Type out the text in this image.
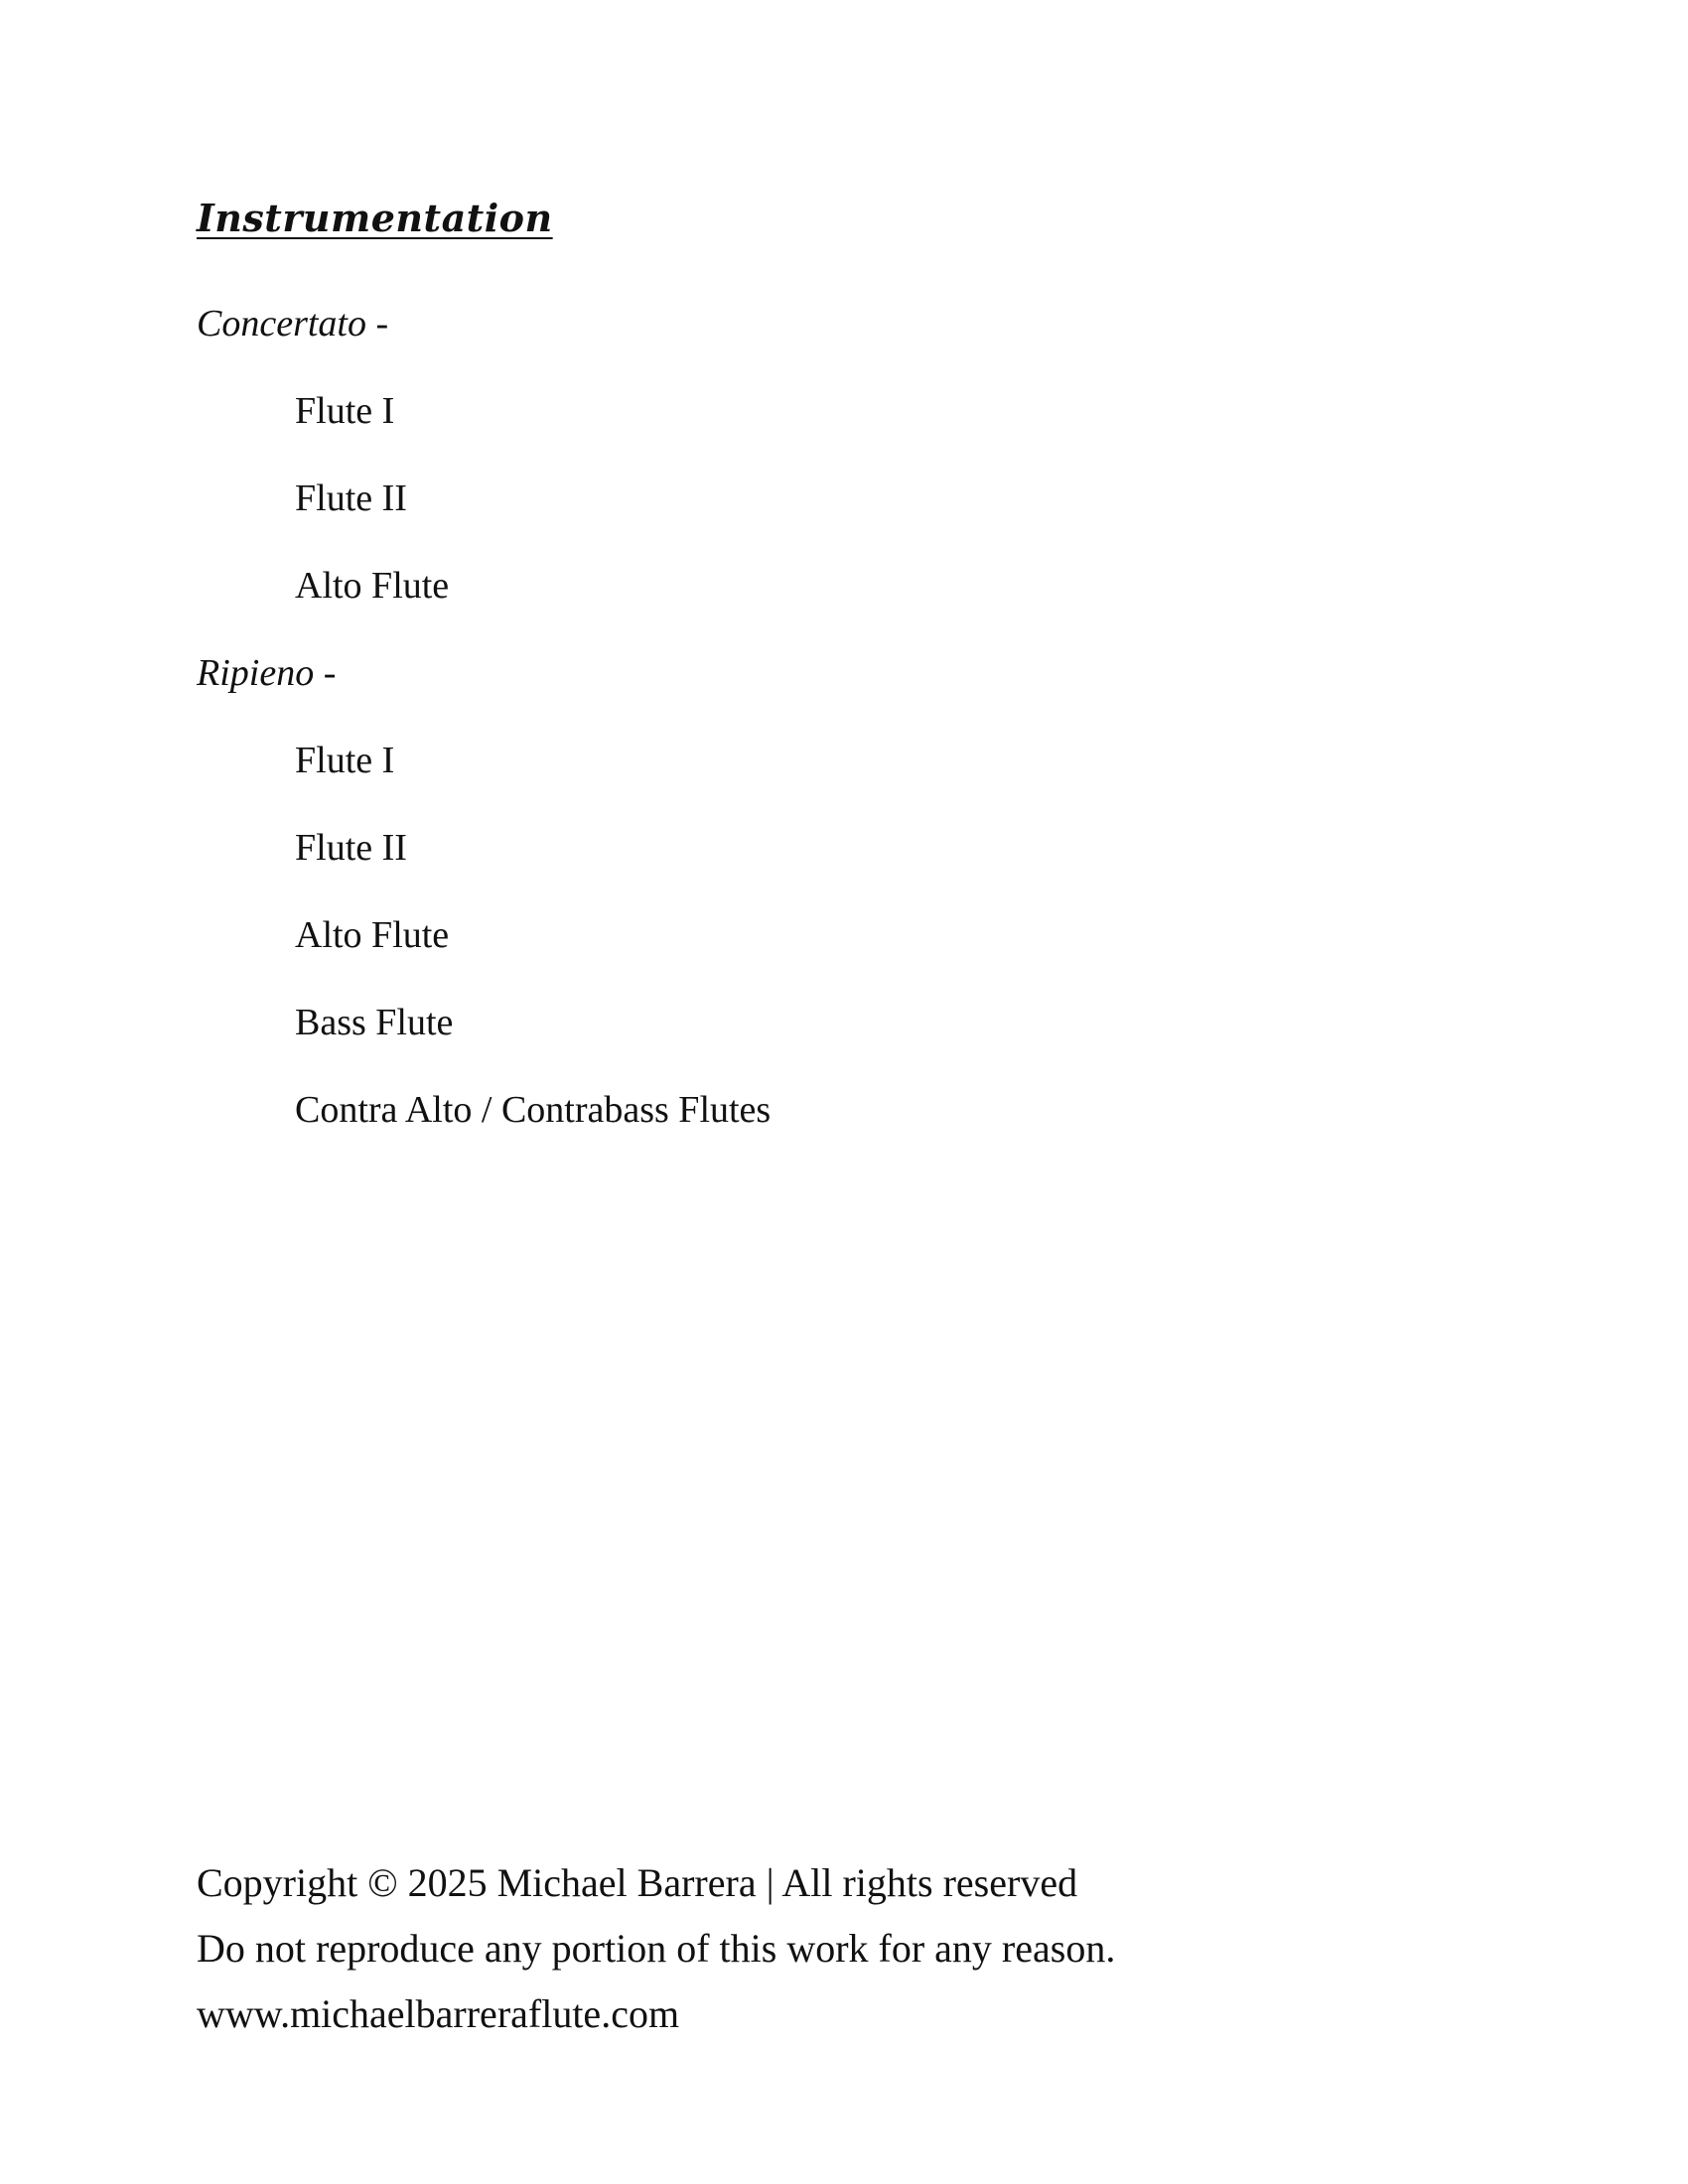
Instrumentation
Concertato -
Flute I
Flute II
Alto Flute
Ripieno -
Flute I
Flute II
Alto Flute
Bass Flute
Contra Alto / Contrabass Flutes
Copyright © 2025 Michael Barrera | All rights reserved
Do not reproduce any portion of this work for any reason.
www.michaelbarreraflute.com
